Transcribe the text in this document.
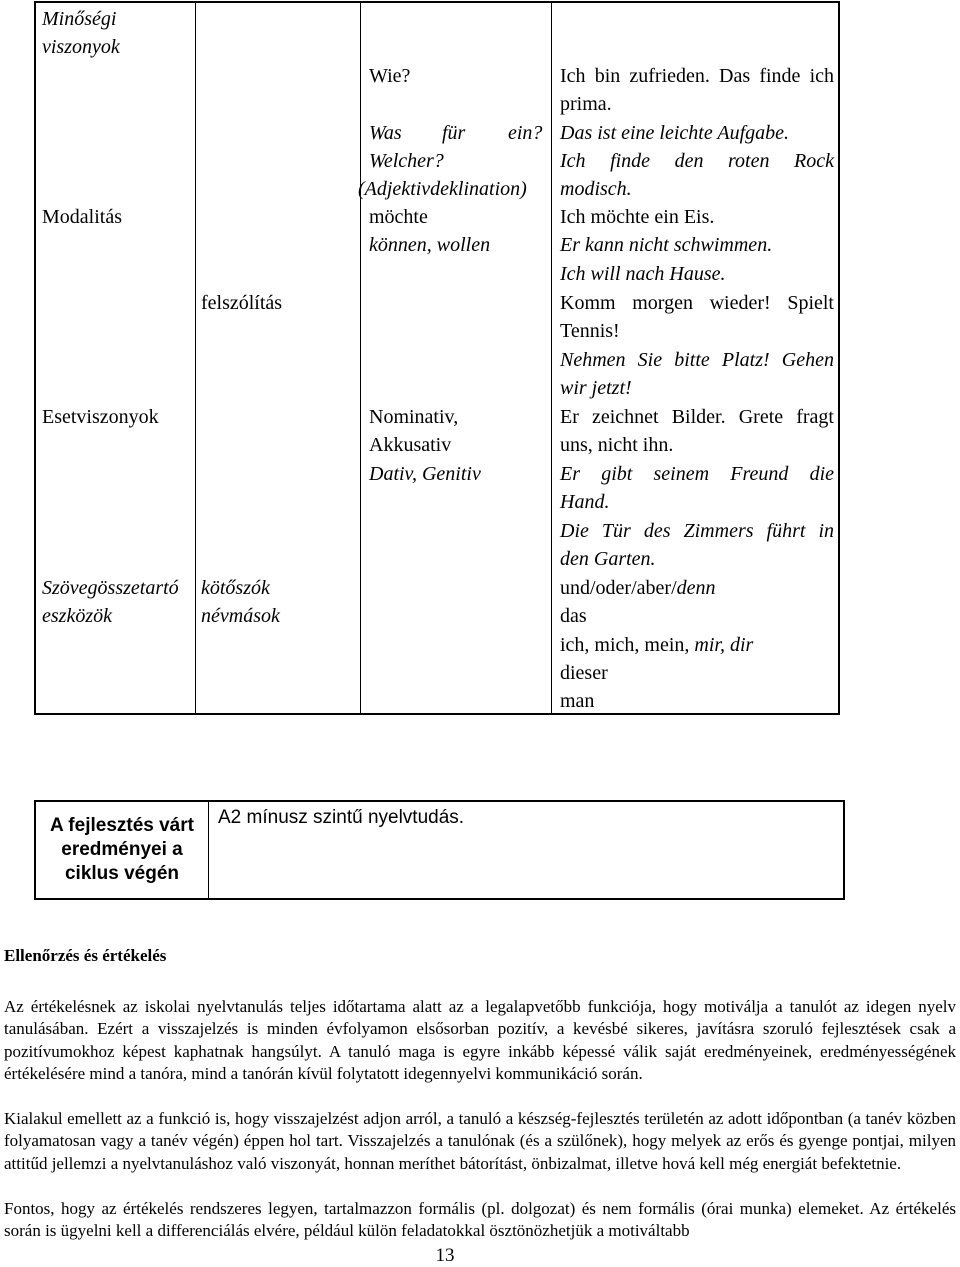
Minőségi
viszonyok
Modalitás
Esetviszonyok
Szövegösszetartó
eszközök
felszólítás
kötőszók
névmások
Wie?
Was für ein?
Welcher?
(Adjektivdeklination)
möchte
können, wollen
Nominativ,
Akkusativ
Dativ, Genitiv
Ich bin zufrieden. Das finde ich
prima.
Das ist eine leichte Aufgabe.
Ich finde den roten Rock
modisch.
Ich möchte ein Eis.
Er kann nicht schwimmen.
Ich will nach Hause.
Komm morgen wieder! Spielt
Tennis!
Nehmen Sie bitte Platz! Gehen
wir jetzt!
Er zeichnet Bilder. Grete fragt
uns, nicht ihn.
Er gibt seinem Freund die
Hand.
Die Tür des Zimmers führt in
den Garten.
und/oder/aber/denn
das
ich, mich, mein, mir, dir
dieser
man
A fejlesztés várt
eredményei a
ciklus végén
A2 mínusz szintű nyelvtudás.
Ellenőrzés és értékelés

Az értékelésnek az iskolai nyelvtanulás teljes időtartama alatt az a legalapvetőbb funkciója, hogy motiválja a tanulót az idegen nyelv tanulásában. Ezért a visszajelzés is minden évfolyamon elsősorban pozitív, a kevésbé sikeres, javításra szoruló fejlesztések csak a pozitívumokhoz képest kaphatnak hangsúlyt. A tanuló maga is egyre inkább képessé válik saját eredményeinek, eredményességének értékelésére mind a tanóra, mind a tanórán kívül folytatott idegennyelvi kommunikáció során.

Kialakul emellett az a funkció is, hogy visszajelzést adjon arról, a tanuló a készség-fejlesztés területén az adott időpontban (a tanév közben folyamatosan vagy a tanév végén) éppen hol tart. Visszajelzés a tanulónak (és a szülőnek), hogy melyek az erős és gyenge pontjai, milyen attitűd jellemzi a nyelvtanuláshoz való viszonyát, honnan meríthet bátorítást, önbizalmat, illetve hová kell még energiát befektetnie.

Fontos, hogy az értékelés rendszeres legyen, tartalmazzon formális (pl. dolgozat) és nem formális (órai munka) elemeket. Az értékelés során is ügyelni kell a differenciálás elvére, például külön feladatokkal ösztönözhetjük a motiváltabb

13
